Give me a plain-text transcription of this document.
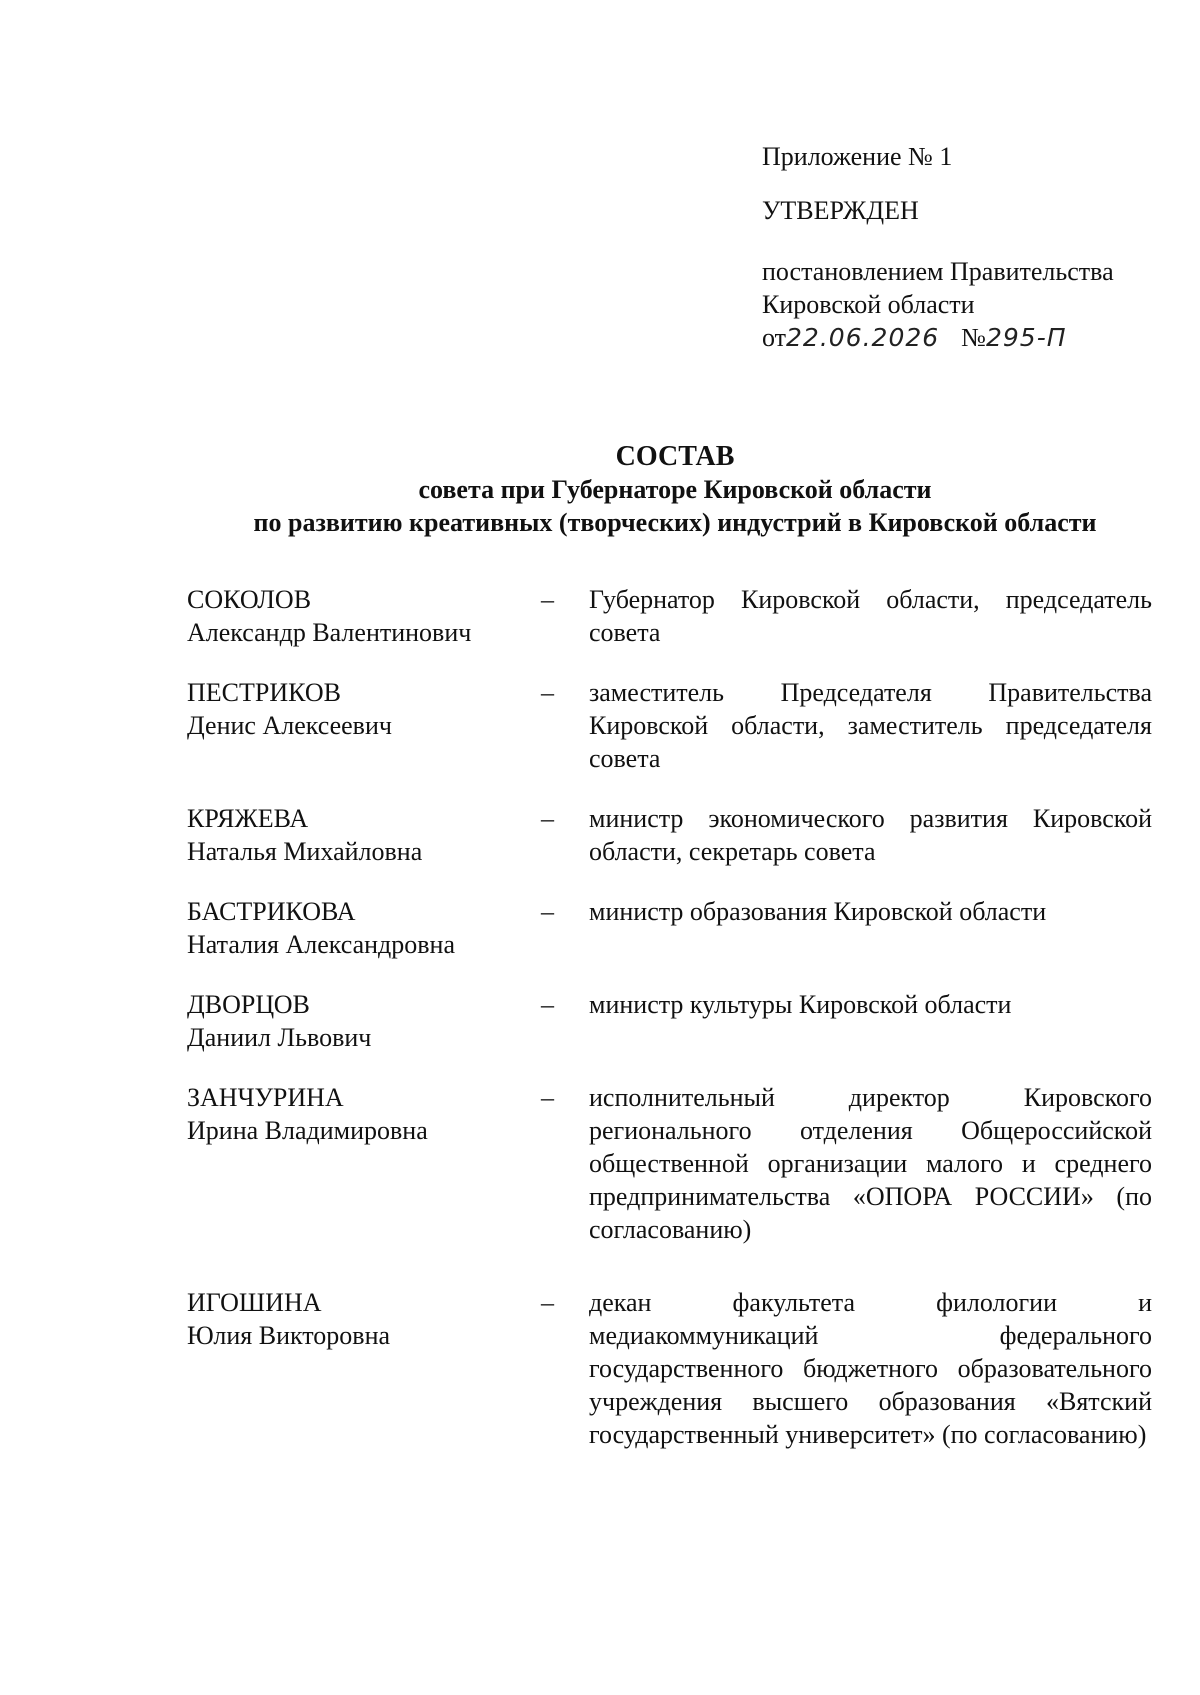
Приложение № 1
УТВЕРЖДЕН
постановлением Правительства
Кировской области
от22.06.2026 №295-П
СОСТАВ
совета при Губернаторе Кировской области
по развитию креативных (творческих) индустрий в Кировской области
СОКОЛОВ
Александр Валентинович
–	Губернатор Кировской области, председатель совета
ПЕСТРИКОВ
Денис Алексеевич
–	заместитель Председателя Правительства Кировской области, заместитель председателя совета
КРЯЖЕВА
Наталья Михайловна
–	министр экономического развития Кировской области, секретарь совета
БАСТРИКОВА
Наталия Александровна
–	министр образования Кировской области
ДВОРЦОВ
Даниил Львович
–	министр культуры Кировской области
ЗАНЧУРИНА
Ирина Владимировна
–	исполнительный директор Кировского регионального отделения Общероссийской общественной организации малого и среднего предпринимательства «ОПОРА РОССИИ» (по согласованию)
ИГОШИНА
Юлия Викторовна
–	декан факультета филологии и медиакоммуникаций федерального государственного бюджетного образовательного учреждения высшего образования «Вятский государственный университет» (по согласованию)
